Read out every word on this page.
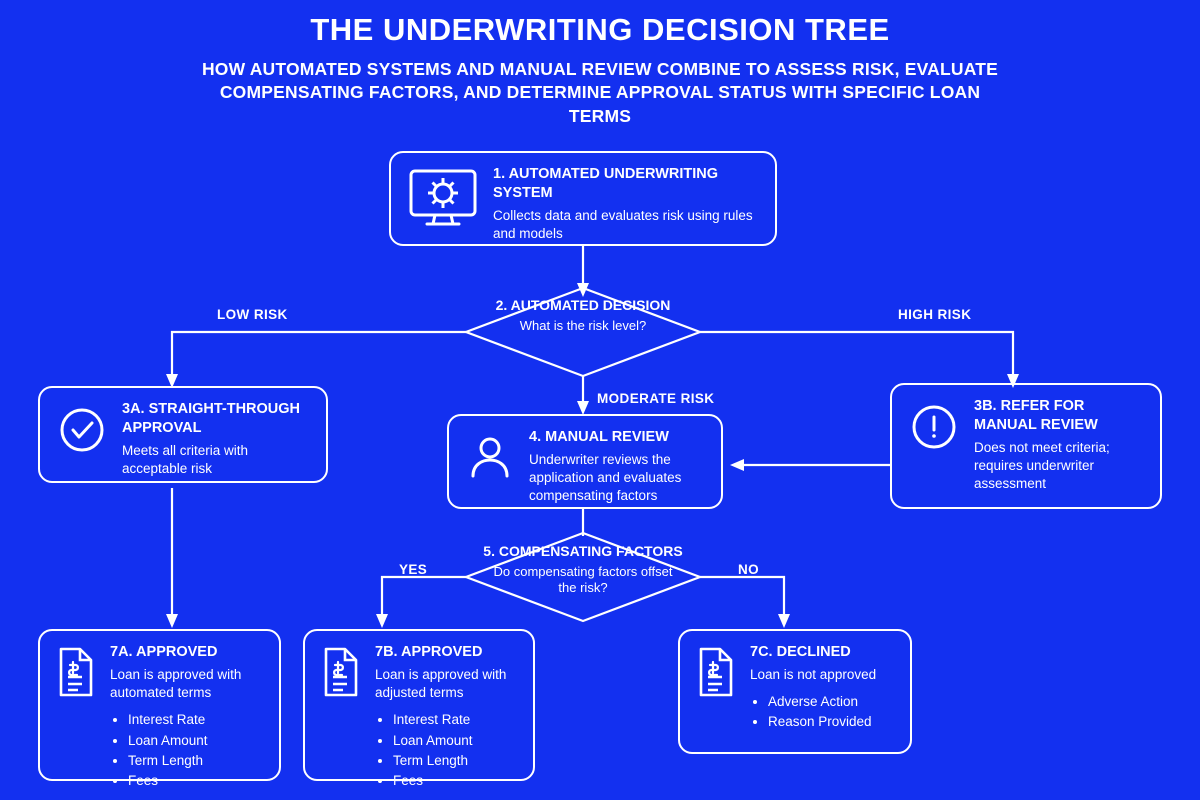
THE UNDERWRITING DECISION TREE
HOW AUTOMATED SYSTEMS AND MANUAL REVIEW COMBINE TO ASSESS RISK, EVALUATE COMPENSATING FACTORS, AND DETERMINE APPROVAL STATUS WITH SPECIFIC LOAN TERMS
1. AUTOMATED UNDERWRITING SYSTEM
Collects data and evaluates risk using rules and models
2. AUTOMATED DECISION
What is the risk level?
LOW RISK	HIGH RISK
MODERATE RISK
YES	NO
3A. STRAIGHT-THROUGH APPROVAL
Meets all criteria with acceptable risk
3B. REFER FOR MANUAL REVIEW
Does not meet criteria; requires underwriter assessment
4. MANUAL REVIEW
Underwriter reviews the application and evaluates compensating factors
5. COMPENSATING FACTORS
Do compensating factors offset the risk?
7A. APPROVED
Loan is approved with automated terms
• Interest Rate
• Loan Amount
• Term Length
• Fees
7B. APPROVED
Loan is approved with adjusted terms
• Interest Rate
• Loan Amount
• Term Length
• Fees
7C. DECLINED
Loan is not approved
• Adverse Action
• Reason Provided
